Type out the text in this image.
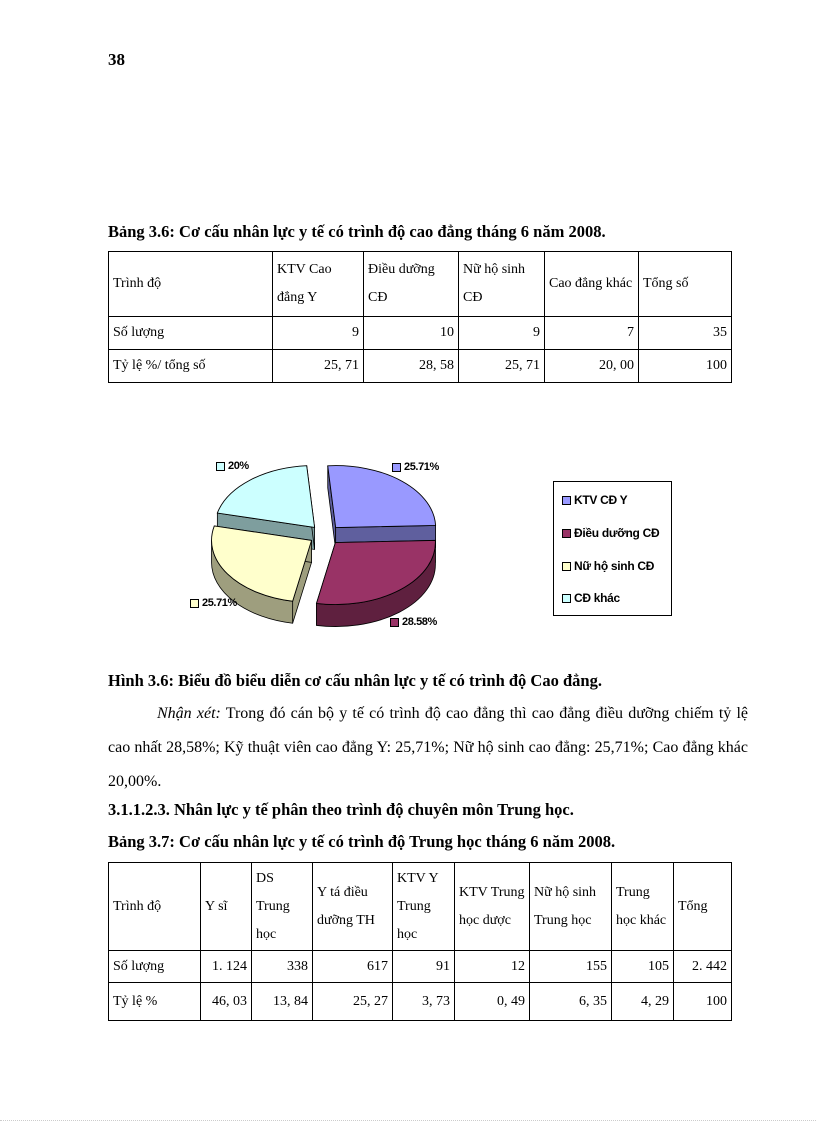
38
Bảng 3.6: Cơ cấu nhân lực y tế có trình độ cao đẳng tháng 6 năm 2008.
Trình độ	KTV Cao đẳng Y	Điều dưỡng CĐ	Nữ hộ sinh CĐ	Cao đẳng khác	Tổng số
Số lượng	9	10	9	7	35
Tỷ lệ %/ tổng số	25, 71	28, 58	25, 71	20, 00	100
25.71%
28.58%
25.71%
20%
KTV CĐ Y
Điều dưỡng CĐ
Nữ hộ sinh CĐ
CĐ khác
Hình 3.6: Biểu đồ biểu diễn cơ cấu nhân lực y tế có trình độ Cao đẳng.
Nhận xét: Trong đó cán bộ y tế có trình độ cao đẳng thì cao đẳng điều dưỡng chiếm tỷ lệ cao nhất 28,58%; Kỹ thuật viên cao đẳng Y: 25,71%; Nữ hộ sinh cao đẳng: 25,71%; Cao đẳng khác 20,00%.
3.1.1.2.3. Nhân lực y tế phân theo trình độ chuyên môn Trung học.
Bảng 3.7: Cơ cấu nhân lực y tế có trình độ Trung học tháng 6 năm 2008.
Trình độ	Y sĩ	DS Trung học	Y tá điều dưỡng TH	KTV Y Trung học	KTV Trung học dược	Nữ hộ sinh Trung học	Trung học khác	Tổng
Số lượng	1. 124	338	617	91	12	155	105	2. 442
Tỷ lệ %	46, 03	13, 84	25, 27	3, 73	0, 49	6, 35	4, 29	100
